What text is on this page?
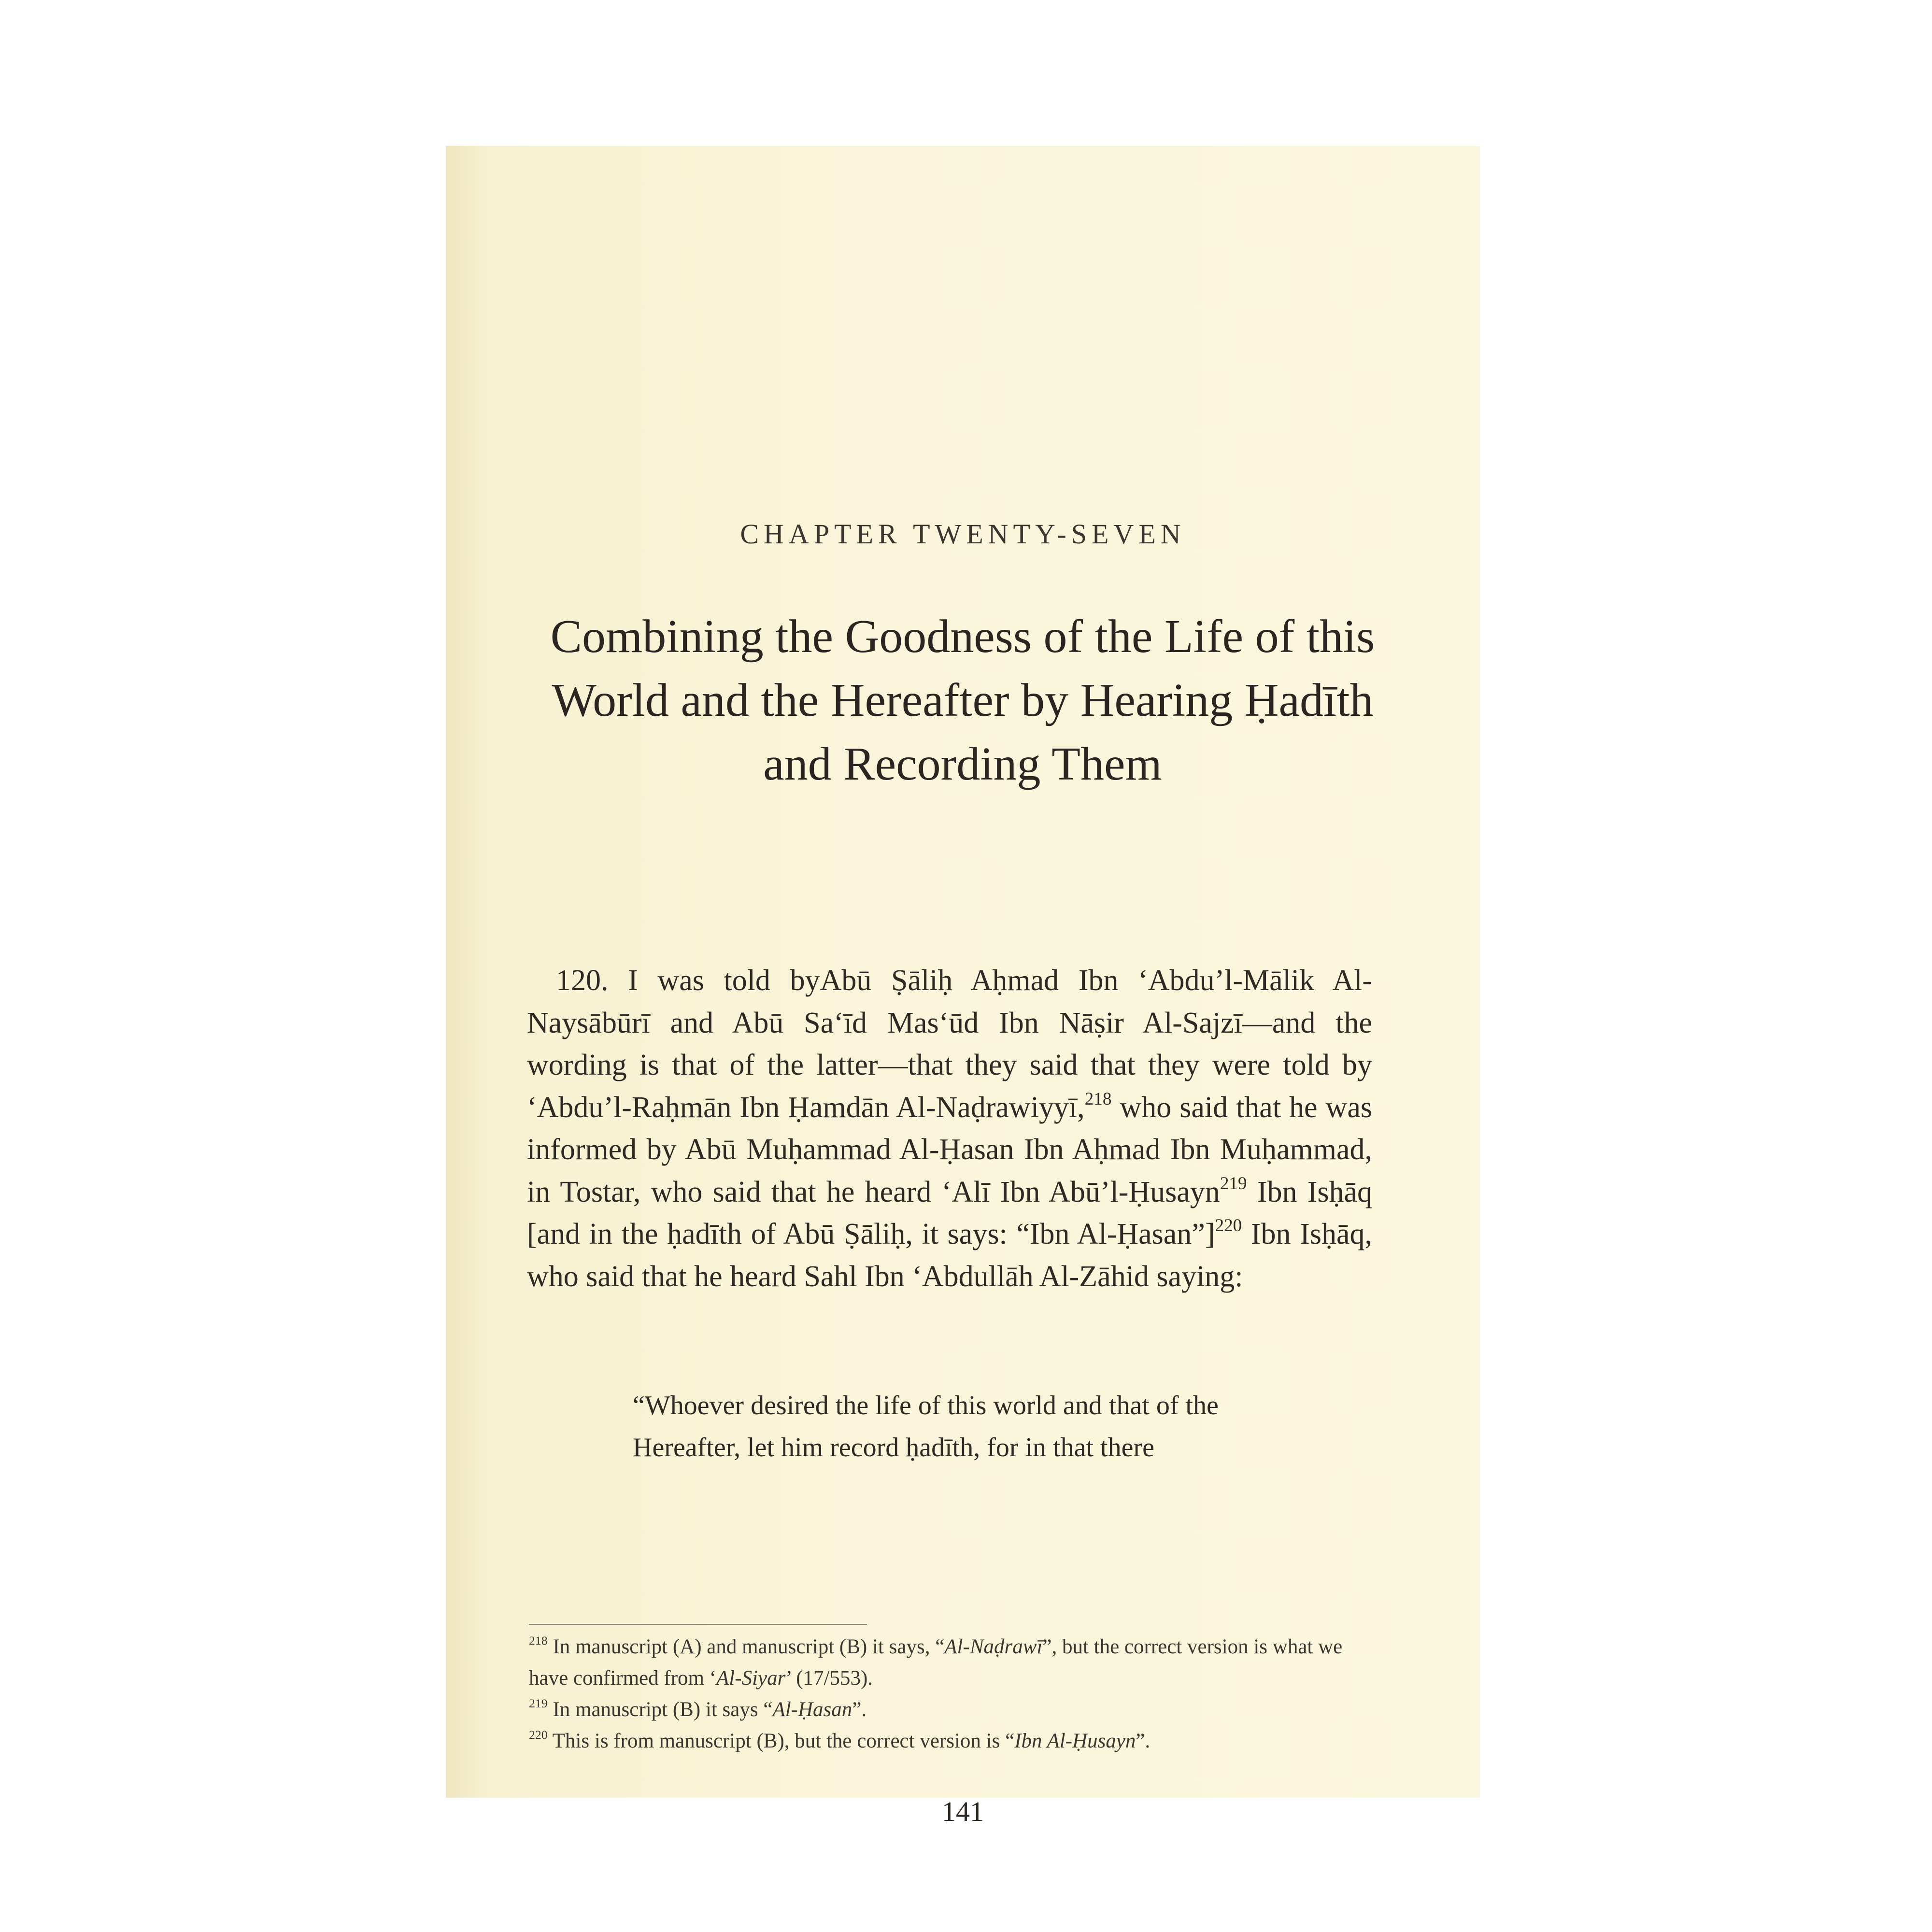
CHAPTER TWENTY-SEVEN
Combining the Goodness of the Life of this World and the Hereafter by Hearing Ḥadīth and Recording Them

120. I was told byAbū Ṣāliḥ Aḥmad Ibn ‘Abdu’l-Mālik Al-Naysābūrī and Abū Sa‘īd Mas‘ūd Ibn Nāṣir Al-Sajzī—and the wording is that of the latter—that they said that they were told by ‘Abdu’l-Raḥmān Ibn Ḥamdān Al-Naḍrawiyyī,$^{218}$ who said that he was informed by Abū Muḥammad Al-Ḥasan Ibn Aḥmad Ibn Muḥammad, in Tostar, who said that he heard ‘Alī Ibn Abū’l-Ḥusayn$^{219}$ Ibn Isḥāq [and in the ḥadīth of Abū Ṣāliḥ, it says: “Ibn Al-Ḥasan”]$^{220}$ Ibn Isḥāq, who said that he heard Sahl Ibn ‘Abdullāh Al-Zāhid saying:

“Whoever desired the life of this world and that of the Hereafter, let him record ḥadīth, for in that there

$^{218}$ In manuscript (A) and manuscript (B) it says, “Al-Naḍrawī”, but the correct version is what we have confirmed from ‘Al-Siyar’ (17/553).

$^{219}$ In manuscript (B) it says “Al-Ḥasan”.

$^{220}$ This is from manuscript (B), but the correct version is “Ibn Al-Ḥusayn”.

141
